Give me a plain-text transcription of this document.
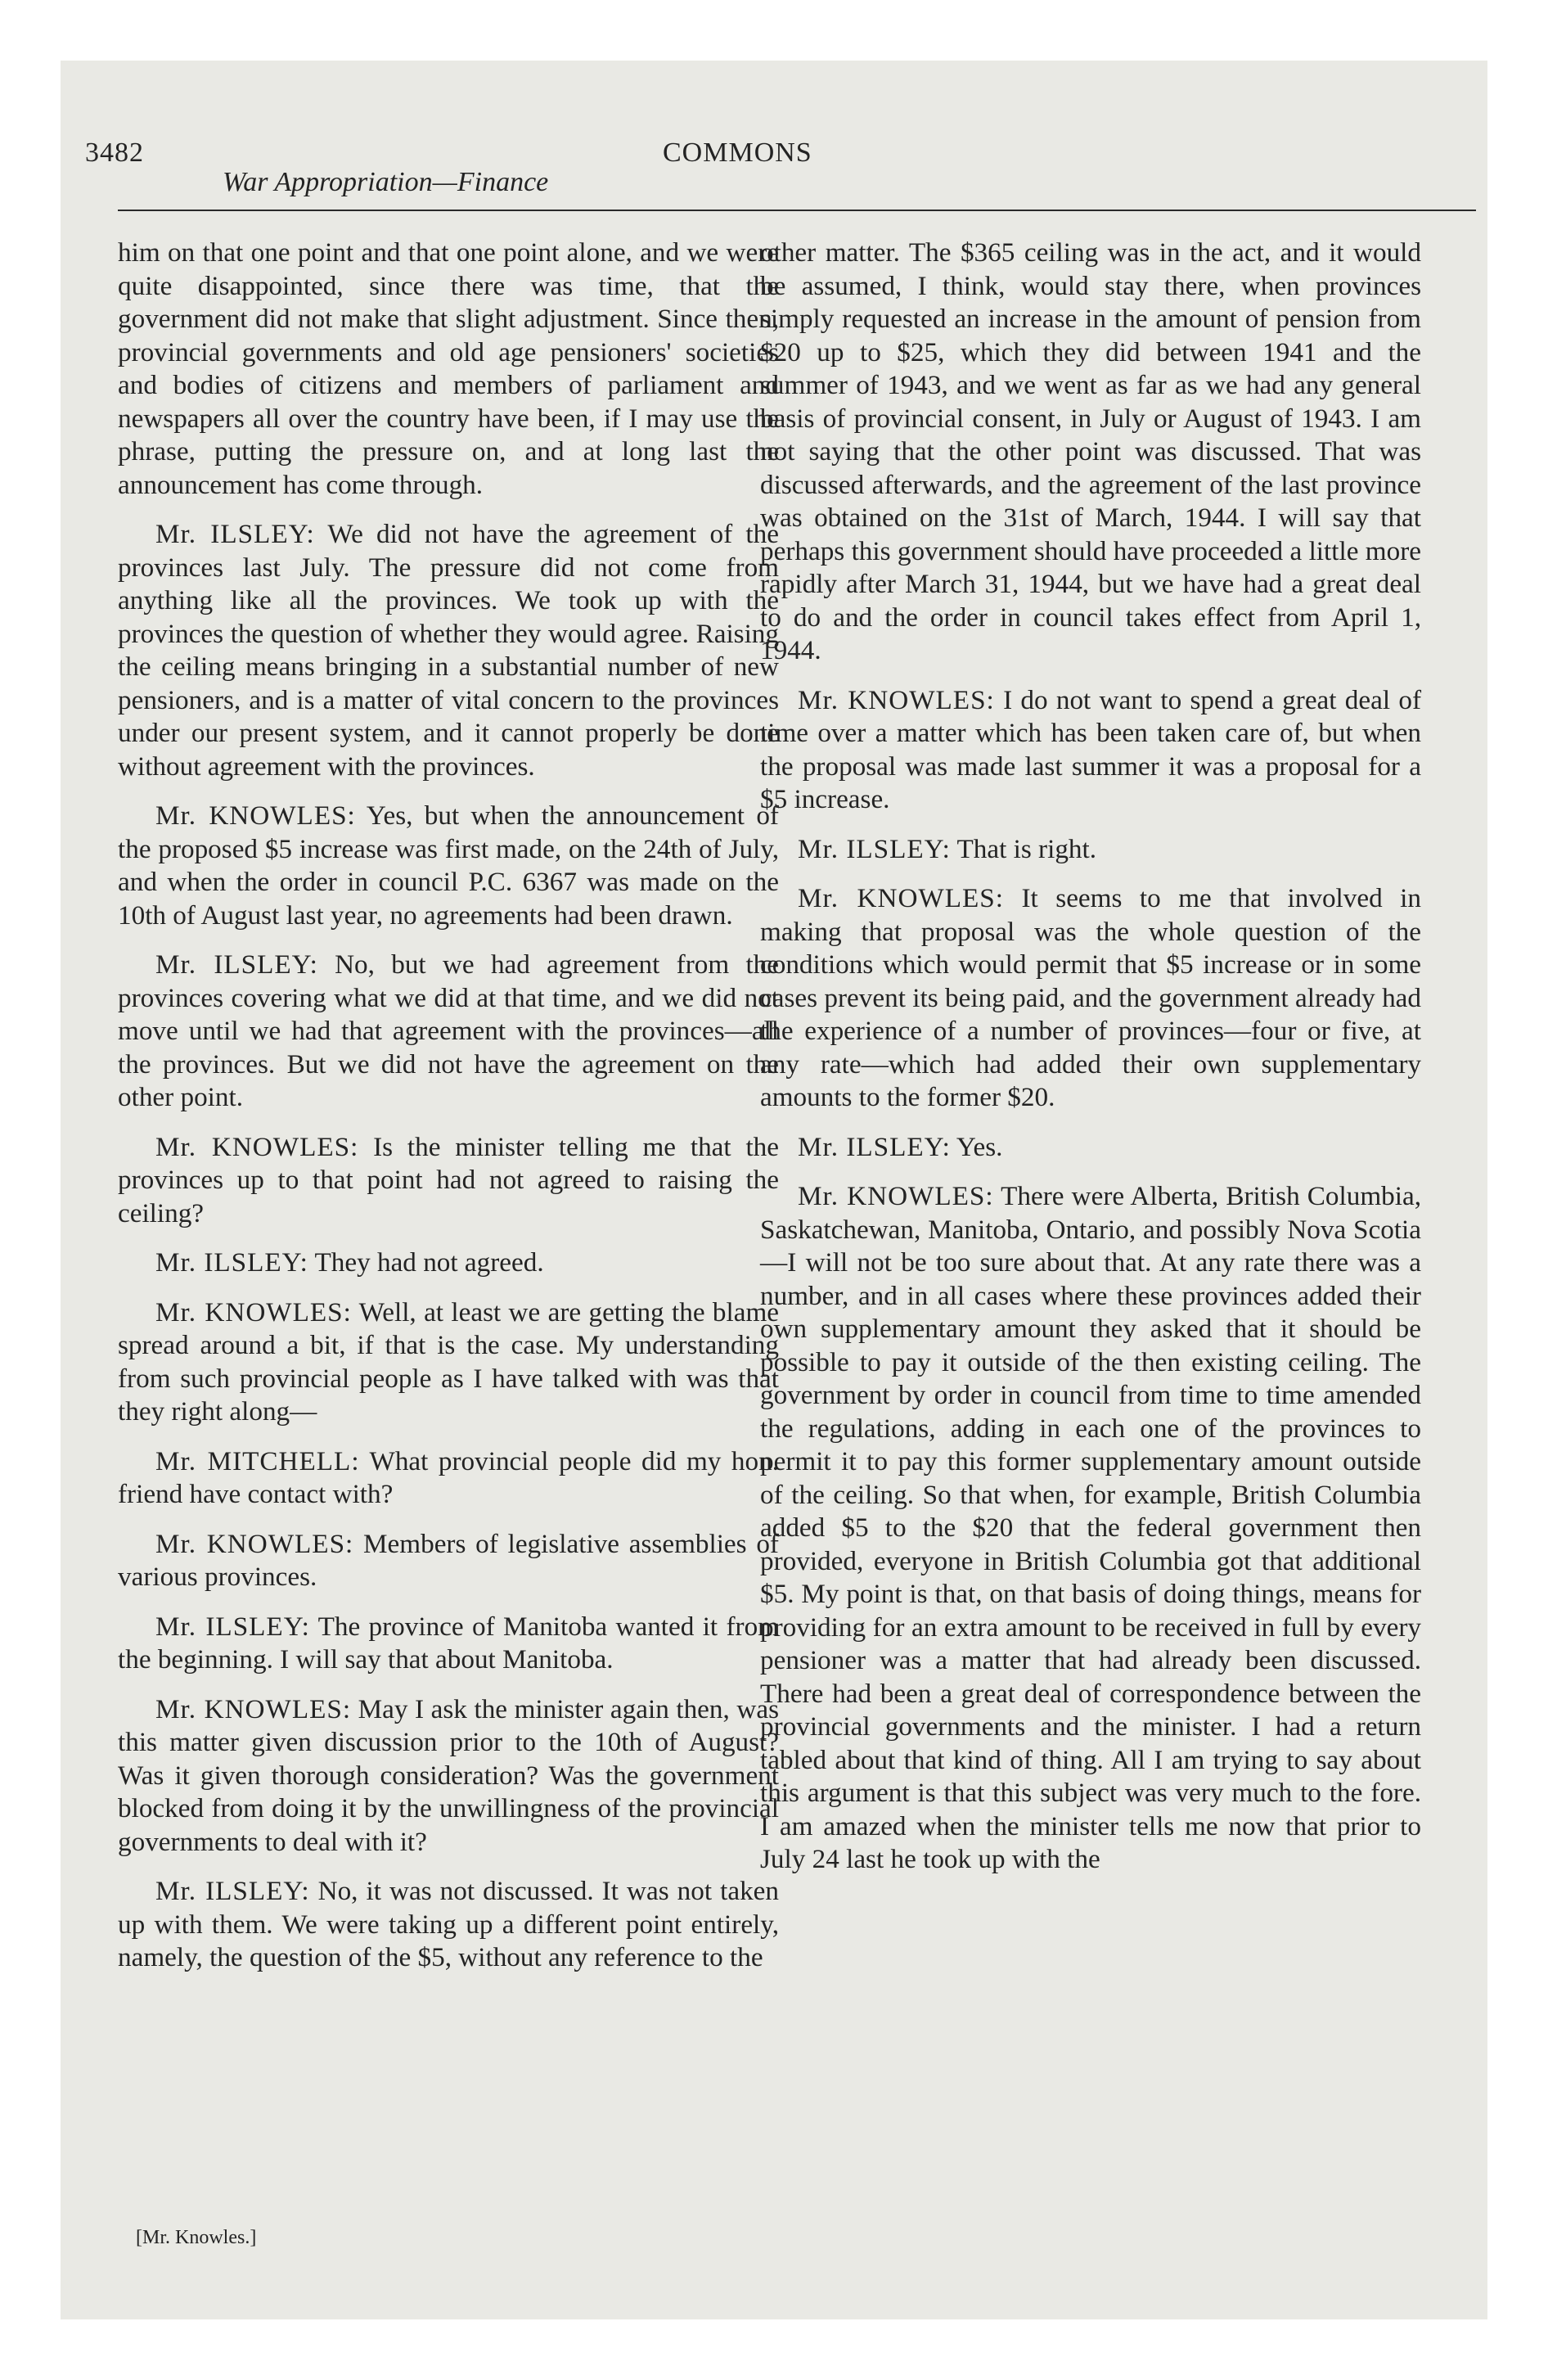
3482
War Appropriation—Finance
COMMONS

him on that one point and that one point alone, and we were quite disappointed, since there was time, that the government did not make that slight adjustment. Since then, provincial governments and old age pensioners' societies and bodies of citizens and members of parliament and newspapers all over the country have been, if I may use the phrase, putting the pressure on, and at long last the announcement has come through.

Mr. ILSLEY: We did not have the agreement of the provinces last July. The pressure did not come from anything like all the provinces. We took up with the provinces the question of whether they would agree. Raising the ceiling means bringing in a substantial number of new pensioners, and is a matter of vital concern to the provinces under our present system, and it cannot properly be done without agreement with the provinces.

Mr. KNOWLES: Yes, but when the announcement of the proposed $5 increase was first made, on the 24th of July, and when the order in council P.C. 6367 was made on the 10th of August last year, no agreements had been drawn.

Mr. ILSLEY: No, but we had agreement from the provinces covering what we did at that time, and we did not move until we had that agreement with the provinces—all the provinces. But we did not have the agreement on the other point.

Mr. KNOWLES: Is the minister telling me that the provinces up to that point had not agreed to raising the ceiling?

Mr. ILSLEY: They had not agreed.

Mr. KNOWLES: Well, at least we are getting the blame spread around a bit, if that is the case. My understanding from such provincial people as I have talked with was that they right along—

Mr. MITCHELL: What provincial people did my hon. friend have contact with?

Mr. KNOWLES: Members of legislative assemblies of various provinces.

Mr. ILSLEY: The province of Manitoba wanted it from the beginning. I will say that about Manitoba.

Mr. KNOWLES: May I ask the minister again then, was this matter given discussion prior to the 10th of August? Was it given thorough consideration? Was the government blocked from doing it by the unwillingness of the provincial governments to deal with it?

Mr. ILSLEY: No, it was not discussed. It was not taken up with them. We were taking up a different point entirely, namely, the question of the $5, without any reference to the

other matter. The $365 ceiling was in the act, and it would be assumed, I think, would stay there, when provinces simply requested an increase in the amount of pension from $20 up to $25, which they did between 1941 and the summer of 1943, and we went as far as we had any general basis of provincial consent, in July or August of 1943. I am not saying that the other point was discussed. That was discussed afterwards, and the agreement of the last province was obtained on the 31st of March, 1944. I will say that perhaps this government should have proceeded a little more rapidly after March 31, 1944, but we have had a great deal to do and the order in council takes effect from April 1, 1944.

Mr. KNOWLES: I do not want to spend a great deal of time over a matter which has been taken care of, but when the proposal was made last summer it was a proposal for a $5 increase.

Mr. ILSLEY: That is right.

Mr. KNOWLES: It seems to me that involved in making that proposal was the whole question of the conditions which would permit that $5 increase or in some cases prevent its being paid, and the government already had the experience of a number of provinces—four or five, at any rate—which had added their own supplementary amounts to the former $20.

Mr. ILSLEY: Yes.

Mr. KNOWLES: There were Alberta, British Columbia, Saskatchewan, Manitoba, Ontario, and possibly Nova Scotia—I will not be too sure about that. At any rate there was a number, and in all cases where these provinces added their own supplementary amount they asked that it should be possible to pay it outside of the then existing ceiling. The government by order in council from time to time amended the regulations, adding in each one of the provinces to permit it to pay this former supplementary amount outside of the ceiling. So that when, for example, British Columbia added $5 to the $20 that the federal government then provided, everyone in British Columbia got that additional $5. My point is that, on that basis of doing things, means for providing for an extra amount to be received in full by every pensioner was a matter that had already been discussed. There had been a great deal of correspondence between the provincial governments and the minister. I had a return tabled about that kind of thing. All I am trying to say about this argument is that this subject was very much to the fore. I am amazed when the minister tells me now that prior to July 24 last he took up with the

[Mr. Knowles.]
